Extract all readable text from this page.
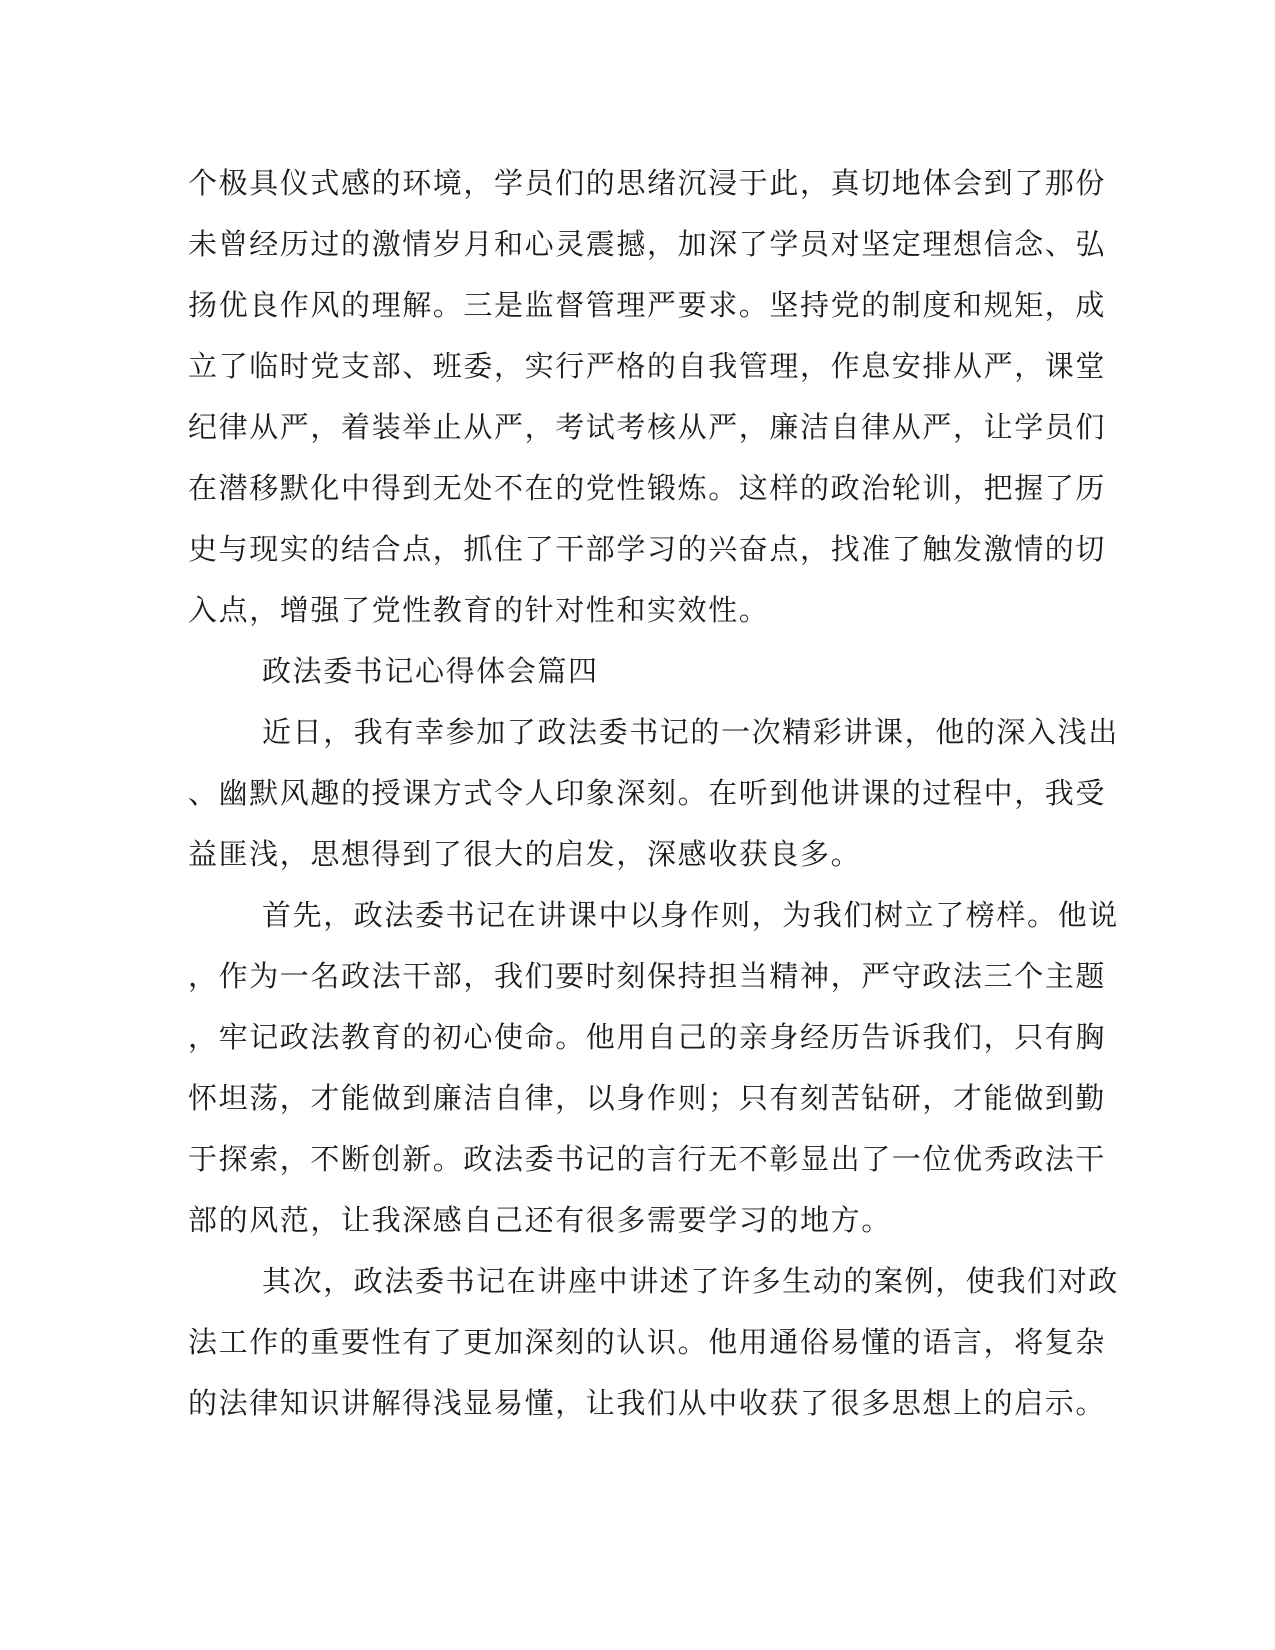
个极具仪式感的环境，学员们的思绪沉浸于此，真切地体会到了那份
未曾经历过的激情岁月和心灵震撼，加深了学员对坚定理想信念、弘
扬优良作风的理解。三是监督管理严要求。坚持党的制度和规矩，成
立了临时党支部、班委，实行严格的自我管理，作息安排从严，课堂
纪律从严，着装举止从严，考试考核从严，廉洁自律从严，让学员们
在潜移默化中得到无处不在的党性锻炼。这样的政治轮训，把握了历
史与现实的结合点，抓住了干部学习的兴奋点，找准了触发激情的切
入点，增强了党性教育的针对性和实效性。
政法委书记心得体会篇四
近日，我有幸参加了政法委书记的一次精彩讲课，他的深入浅出
、幽默风趣的授课方式令人印象深刻。在听到他讲课的过程中，我受
益匪浅，思想得到了很大的启发，深感收获良多。
首先，政法委书记在讲课中以身作则，为我们树立了榜样。他说
，作为一名政法干部，我们要时刻保持担当精神，严守政法三个主题
，牢记政法教育的初心使命。他用自己的亲身经历告诉我们，只有胸
怀坦荡，才能做到廉洁自律，以身作则；只有刻苦钻研，才能做到勤
于探索，不断创新。政法委书记的言行无不彰显出了一位优秀政法干
部的风范，让我深感自己还有很多需要学习的地方。
其次，政法委书记在讲座中讲述了许多生动的案例，使我们对政
法工作的重要性有了更加深刻的认识。他用通俗易懂的语言，将复杂
的法律知识讲解得浅显易懂，让我们从中收获了很多思想上的启示。
